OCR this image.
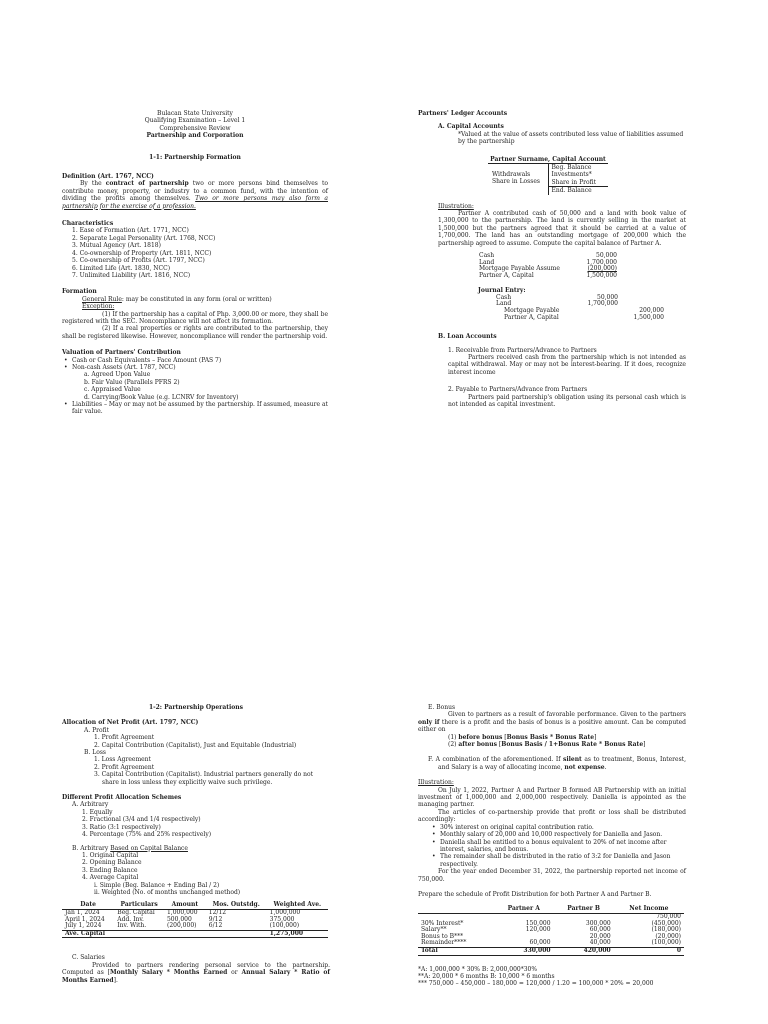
Bulacan State University
Qualifying Examination – Level 1
Comprehensive Review
Partnership and Corporation
1-1: Partnership Formation
Definition (Art. 1767, NCC)
By the contract of partnership two or more persons bind themselves to contribute money, property, or industry to a common fund, with the intention of dividing the profits among themselves. Two or more persons may also form a partnership for the exercise of a profession.
Characteristics
1. Ease of Formation (Art. 1771, NCC)
2. Separate Legal Personality (Art. 1768, NCC)
3. Mutual Agency (Art. 1818)
4. Co-ownership of Property (Art. 1811, NCC)
5. Co-ownership of Profits (Art. 1797, NCC)
6. Limited Life (Art. 1830, NCC)
7. Unlimited Liability (Art. 1816, NCC)
Formation
General Rule: may be constituted in any form (oral or written)
Exception:
(1) If the partnership has a capital of Php. 3,000.00 or more, they shall be registered with the SEC. Noncompliance will not affect its formation.
(2) If a real properties or rights are contributed to the partnership, they shall be registered likewise. However, noncompliance will render the partnership void.
Valuation of Partners' Contribution
• Cash or Cash Equivalents – Face Amount (PAS 7)
• Non-cash Assets (Art. 1787, NCC)
a. Agreed Upon Value
b. Fair Value (Parallels PFRS 2)
c. Appraised Value
d. Carrying/Book Value (e.g. LCNRV for Inventory)
• Liabilities – May or may not be assumed by the partnership. If assumed, measure at fair value.
Partners' Ledger Accounts
A. Capital Accounts
*Valued at the value of assets contributed less value of liabilities assumed by the partnership
Partner Surname, Capital Account
Withdrawals
Share in Losses
Beg. Balance
Investments*
Share in Profit
End. Balance
Illustration:
Partner A contributed cash of 50,000 and a land with book value of 1,300,000 to the partnership. The land is currently selling in the market at 1,500,000 but the partners agreed that it should be carried at a value of 1,700,000. The land has an outstanding mortgage of 200,000 which the partnership agreed to assume. Compute the capital balance of Partner A.
Cash	50,000
Land	1,700,000
Mortgage Payable Assume	(200,000)
Partner A, Capital	1,500,000
Journal Entry:
Cash	50,000	
Land	1,700,000	
Mortgage Payable		200,000
Partner A, Capital		1,500,000
B. Loan Accounts
1. Receivable from Partners/Advance to Partners
Partners received cash from the partnership which is not intended as capital withdrawal. May or may not be interest-bearing. If it does, recognize interest income
2. Payable to Partners/Advance from Partners
Partners paid partnership's obligation using its personal cash which is not intended as capital investment.
1-2: Partnership Operations
Allocation of Net Profit (Art. 1797, NCC)
A. Profit
1. Profit Agreement
2. Capital Contribution (Capitalist), Just and Equitable (Industrial)
B. Loss
1. Loss Agreement
2. Profit Agreement
3. Capital Contribution (Capitalist). Industrial partners generally do not share in loss unless they explicitly waive such privilege.
Different Profit Allocation Schemes
A. Arbitrary
1. Equally
2. Fractional (3/4 and 1/4 respectively)
3. Ratio (3:1 respectively)
4. Percentage (75% and 25% respectively)
B. Arbitrary Based on Capital Balance
1. Original Capital
2. Opening Balance
3. Ending Balance
4. Average Capital
i. Simple (Beg. Balance + Ending Bal / 2)
ii. Weighted (No. of months unchanged method)
Date	Particulars	Amount	Mos. Outstdg.	Weighted Ave.
Jan 1, 2024	Beg. Capital	1,000,000	12/12	1,000,000
April 1, 2024	Add. Inv.	500,000	9/12	375,000
July 1, 2024	Inv. With.	(200,000)	6/12	(100,000)
Ave. Capital				1,275,000
C. Salaries
Provided to partners rendering personal service to the partnership. Computed as [Monthly Salary * Months Earned or Annual Salary * Ratio of Months Earned].
E. Bonus
Given to partners as a result of favorable performance. Given to the partners only if there is a profit and the basis of bonus is a positive amount. Can be computed either on
(1) before bonus [Bonus Basis * Bonus Rate]
(2) after bonus [Bonus Basis / 1+Bonus Rate * Bonus Rate]
F. A combination of the aforementioned. If silent as to treatment, Bonus, Interest, and Salary is a way of allocating income, not expense.
Illustration:
On July 1, 2022, Partner A and Partner B formed AB Partnership with an initial investment of 1,000,000 and 2,000,000 respectively. Daniella is appointed as the managing partner.
The articles of co-partnership provide that profit or loss shall be distributed accordingly:
• 30% interest on original capital contribution ratio.
• Monthly salary of 20,000 and 10,000 respectively for Daniella and Jason.
• Daniella shall be entitled to a bonus equivalent to 20% of net income after interest, salaries, and bonus.
• The remainder shall be distributed in the ratio of 3:2 for Daniella and Jason respectively.
For the year ended December 31, 2022, the partnership reported net income of 750,000.
Prepare the schedule of Profit Distribution for both Partner A and Partner B.
	Partner A	Partner B	Net Income
			750,000
30% Interest*	150,000	300,000	(450,000)
Salary**	120,000	60,000	(180,000)
Bonus to B***		20,000	(20,000)
Remainder****	60,000	40,000	(100,000)
Total	330,000	420,000	0
*A: 1,000,000 * 30% B: 2,000,000*30%
**A: 20,000 * 6 months B: 10,000 * 6 months
*** 750,000 – 450,000 – 180,000 = 120,000 / 1.20 = 100,000 * 20% = 20,000
